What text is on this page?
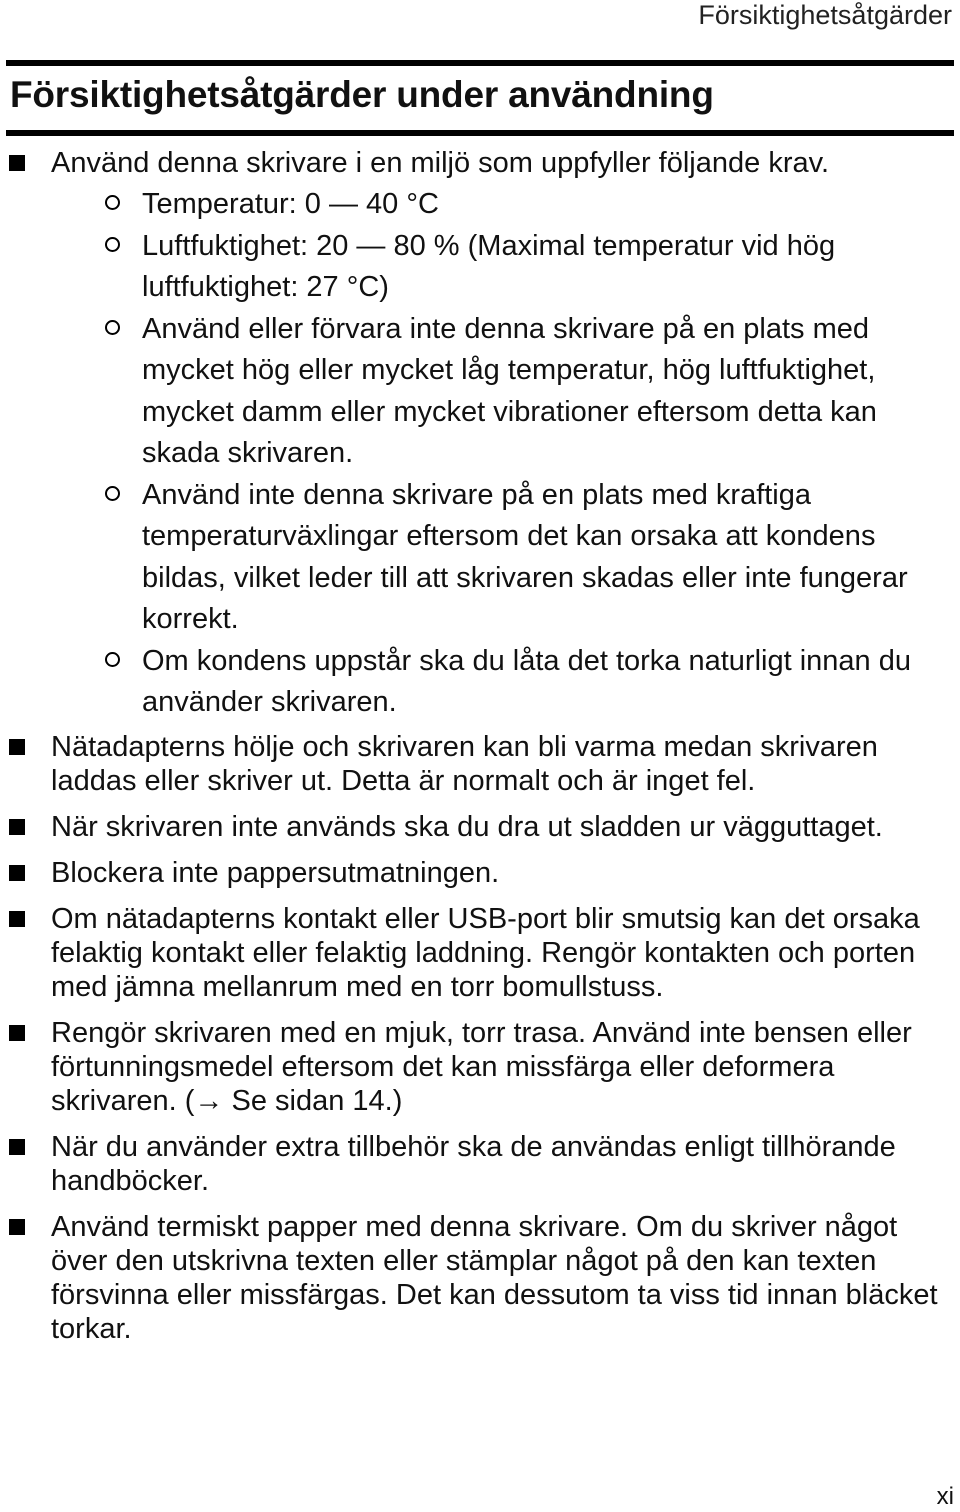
Försiktighetsåtgärder
Försiktighetsåtgärder under användning
Använd denna skrivare i en miljö som uppfyller följande krav.
Temperatur: 0 — 40 °C
Luftfuktighet: 20 — 80 % (Maximal temperatur vid hög luftfuktighet: 27 °C)
Använd eller förvara inte denna skrivare på en plats med mycket hög eller mycket låg temperatur, hög luftfuktighet, mycket damm eller mycket vibrationer eftersom detta kan skada skrivaren.
Använd inte denna skrivare på en plats med kraftiga temperaturväxlingar eftersom det kan orsaka att kondens bildas, vilket leder till att skrivaren skadas eller inte fungerar korrekt.
Om kondens uppstår ska du låta det torka naturligt innan du använder skrivaren.
Nätadapterns hölje och skrivaren kan bli varma medan skrivaren laddas eller skriver ut. Detta är normalt och är inget fel.
När skrivaren inte används ska du dra ut sladden ur vägguttaget.
Blockera inte pappersutmatningen.
Om nätadapterns kontakt eller USB-port blir smutsig kan det orsaka felaktig kontakt eller felaktig laddning. Rengör kontakten och porten med jämna mellanrum med en torr bomullstuss.
Rengör skrivaren med en mjuk, torr trasa. Använd inte bensen eller förtunningsmedel eftersom det kan missfärga eller deformera skrivaren. (→ Se sidan 14.)
När du använder extra tillbehör ska de användas enligt tillhörande handböcker.
Använd termiskt papper med denna skrivare. Om du skriver något över den utskrivna texten eller stämplar något på den kan texten försvinna eller missfärgas. Det kan dessutom ta viss tid innan bläcket torkar.
xi
